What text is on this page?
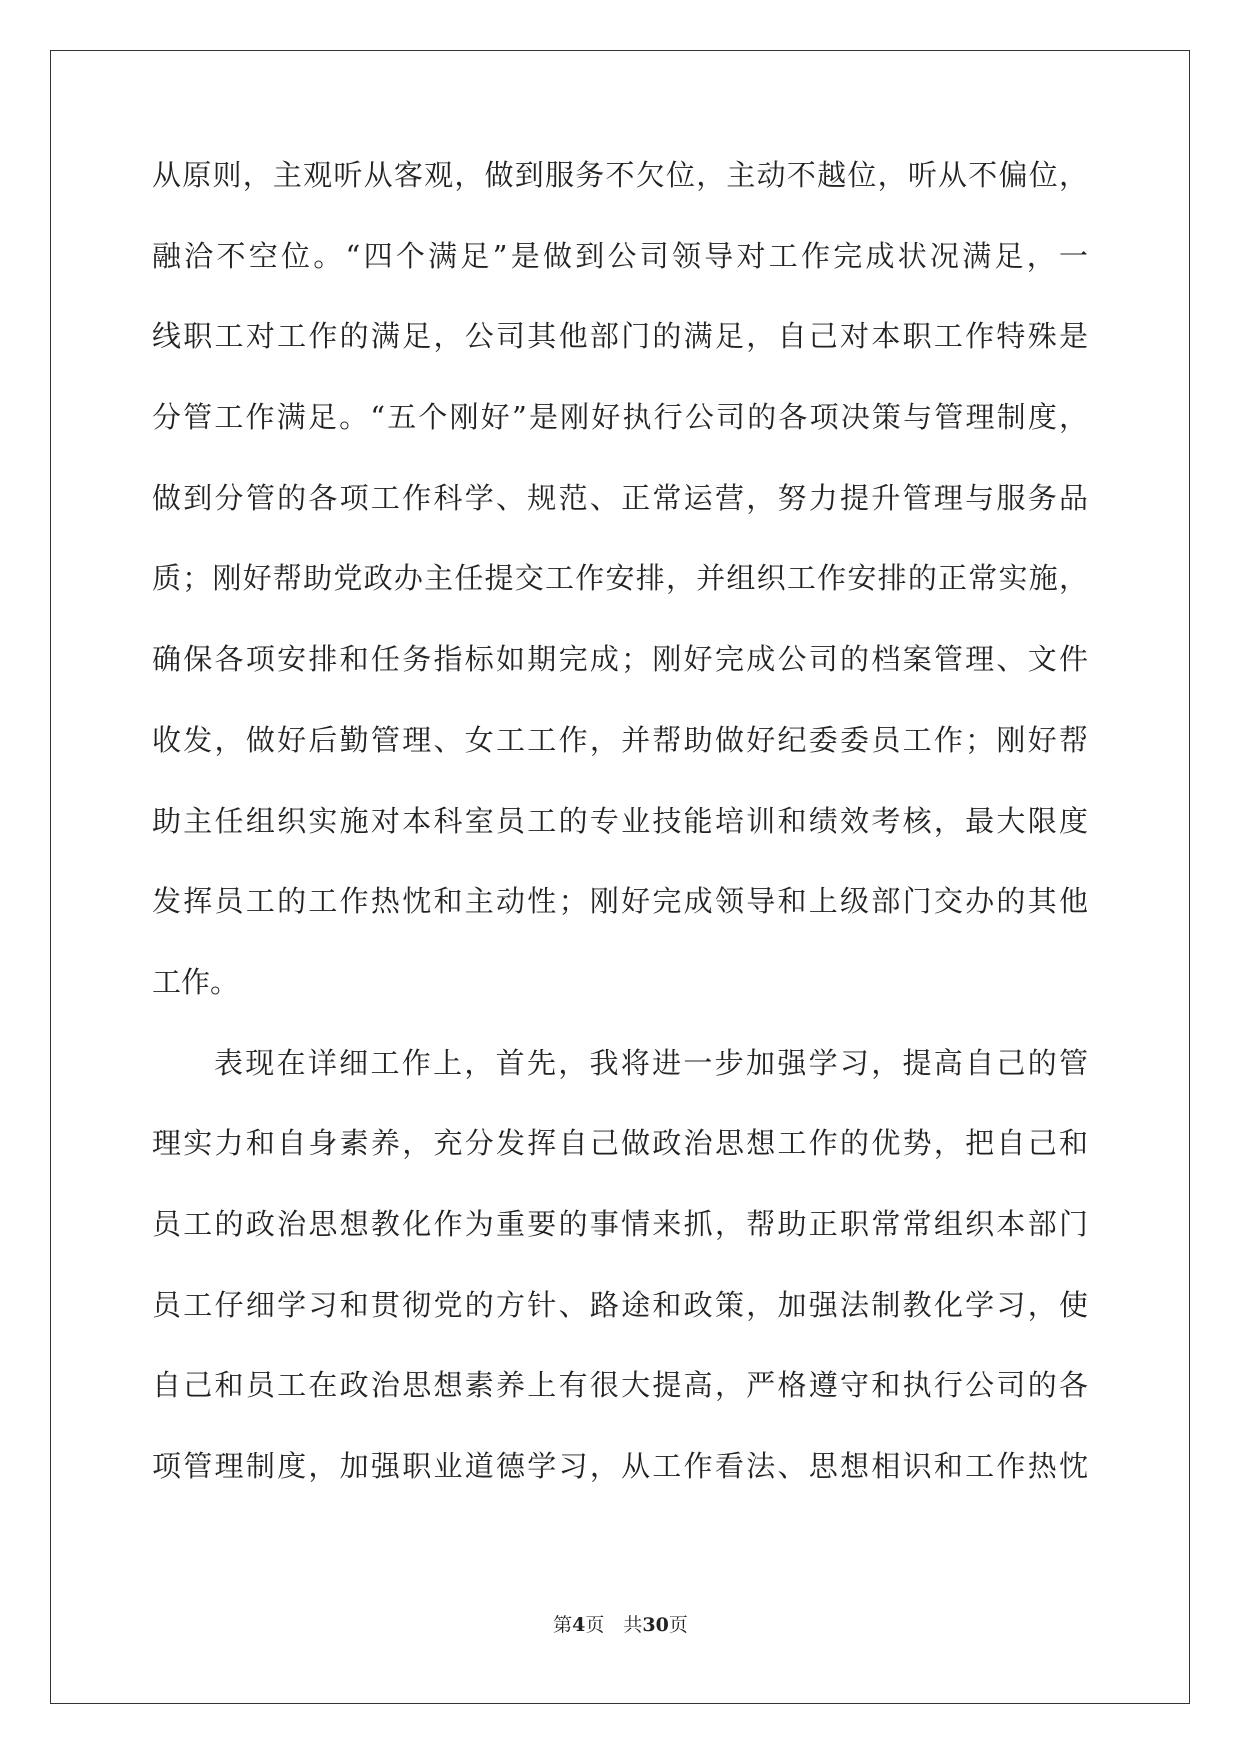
从原则，主观听从客观，做到服务不欠位，主动不越位，听从不偏位，
融洽不空位。“四个满足”是做到公司领导对工作完成状况满足，一
线职工对工作的满足，公司其他部门的满足，自己对本职工作特殊是
分管工作满足。“五个刚好”是刚好执行公司的各项决策与管理制度，
做到分管的各项工作科学、规范、正常运营，努力提升管理与服务品
质；刚好帮助党政办主任提交工作安排，并组织工作安排的正常实施，
确保各项安排和任务指标如期完成；刚好完成公司的档案管理、文件
收发，做好后勤管理、女工工作，并帮助做好纪委委员工作；刚好帮
助主任组织实施对本科室员工的专业技能培训和绩效考核，最大限度
发挥员工的工作热忱和主动性；刚好完成领导和上级部门交办的其他
工作。
表现在详细工作上，首先，我将进一步加强学习，提高自己的管
理实力和自身素养，充分发挥自己做政治思想工作的优势，把自己和
员工的政治思想教化作为重要的事情来抓，帮助正职常常组织本部门
员工仔细学习和贯彻党的方针、路途和政策，加强法制教化学习，使
自己和员工在政治思想素养上有很大提高，严格遵守和执行公司的各
项管理制度，加强职业道德学习，从工作看法、思想相识和工作热忱
第4页　共30页
